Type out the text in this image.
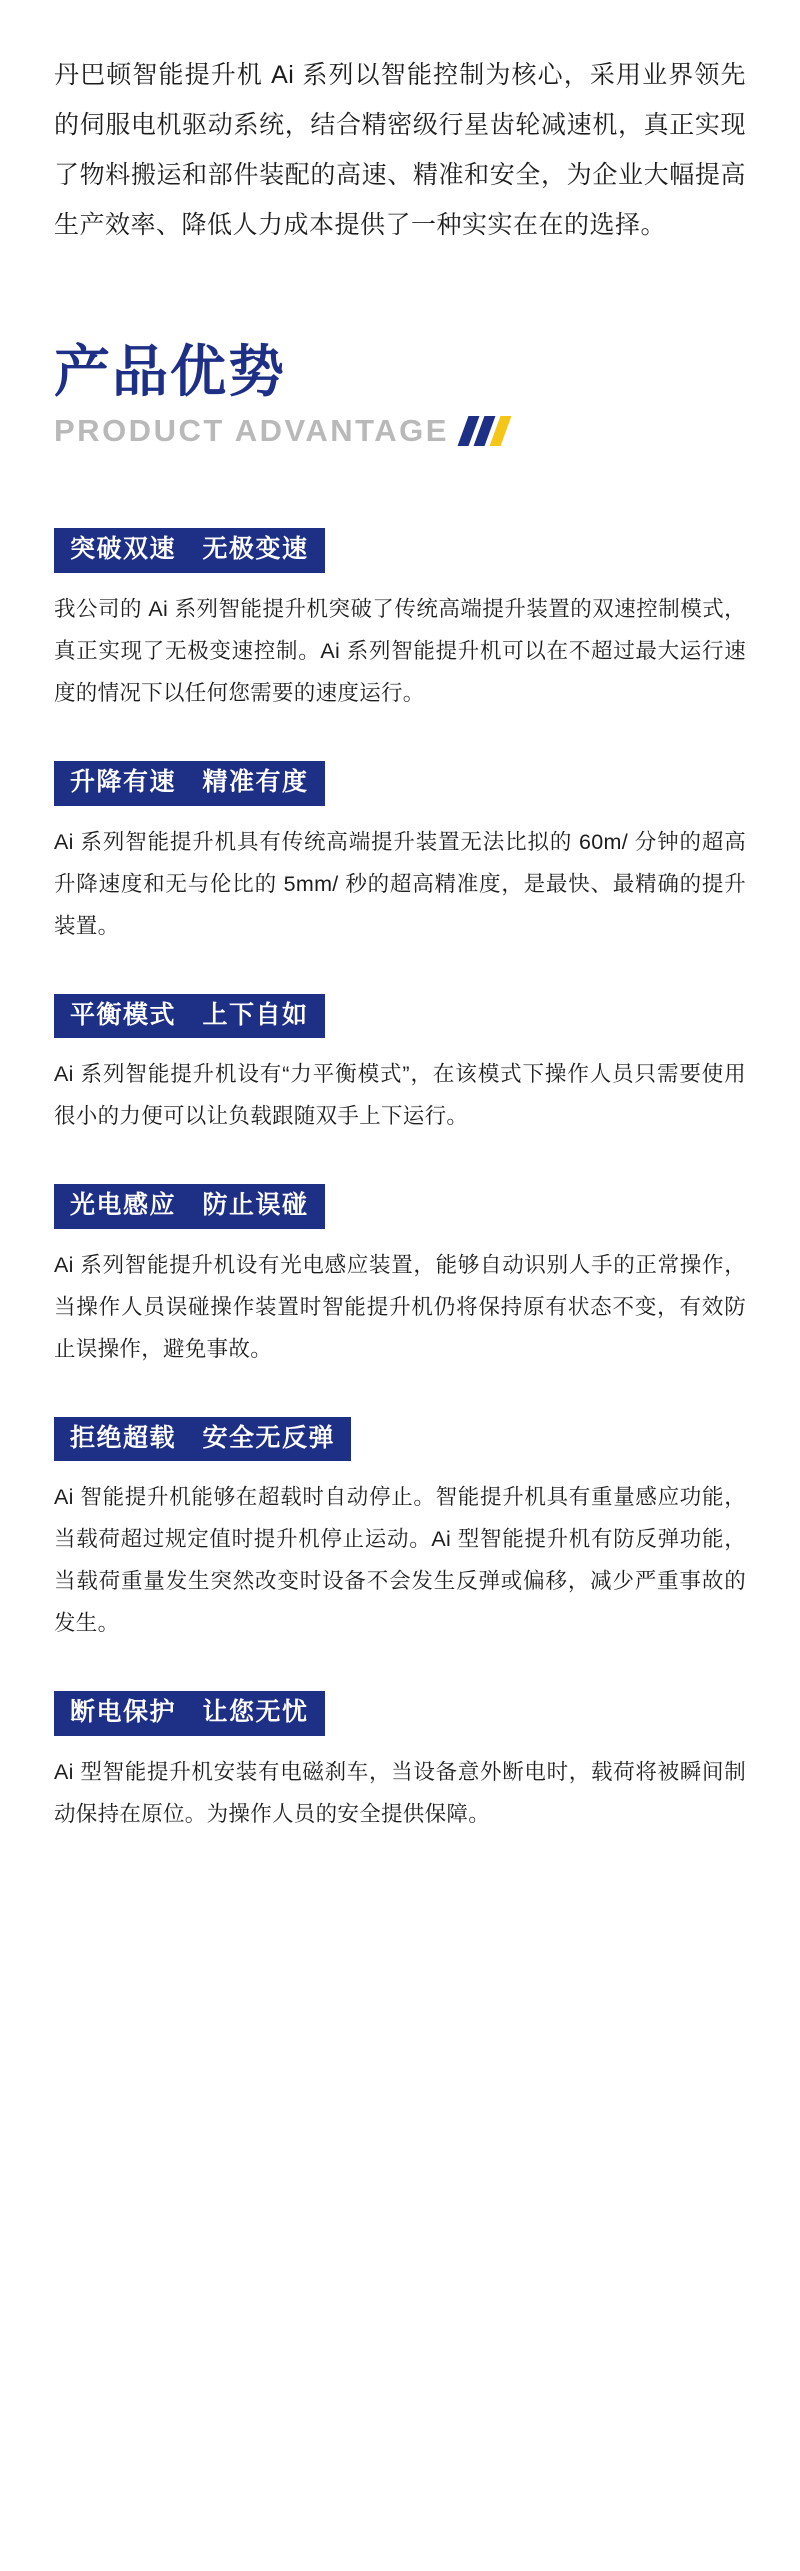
丹巴顿智能提升机 Ai 系列以智能控制为核心，采用业界领先的伺服电机驱动系统，结合精密级行星齿轮减速机，真正实现了物料搬运和部件装配的高速、精准和安全，为企业大幅提高生产效率、降低人力成本提供了一种实实在在的选择。

产品优势
PRODUCT ADVANTAGE
突破双速　无极变速
我公司的 Ai 系列智能提升机突破了传统高端提升装置的双速控制模式，真正实现了无极变速控制。Ai 系列智能提升机可以在不超过最大运行速度的情况下以任何您需要的速度运行。
升降有速　精准有度
Ai 系列智能提升机具有传统高端提升装置无法比拟的 60m/ 分钟的超高升降速度和无与伦比的 5mm/ 秒的超高精准度，是最快、最精确的提升装置。
平衡模式　上下自如
Ai 系列智能提升机设有“力平衡模式”，在该模式下操作人员只需要使用很小的力便可以让负载跟随双手上下运行。
光电感应　防止误碰
Ai 系列智能提升机设有光电感应装置，能够自动识别人手的正常操作，当操作人员误碰操作装置时智能提升机仍将保持原有状态不变，有效防止误操作，避免事故。
拒绝超载　安全无反弹
Ai 智能提升机能够在超载时自动停止。智能提升机具有重量感应功能，当载荷超过规定值时提升机停止运动。Ai 型智能提升机有防反弹功能，当载荷重量发生突然改变时设备不会发生反弹或偏移，减少严重事故的发生。
断电保护　让您无忧
Ai 型智能提升机安装有电磁刹车，当设备意外断电时，载荷将被瞬间制动保持在原位。为操作人员的安全提供保障。
